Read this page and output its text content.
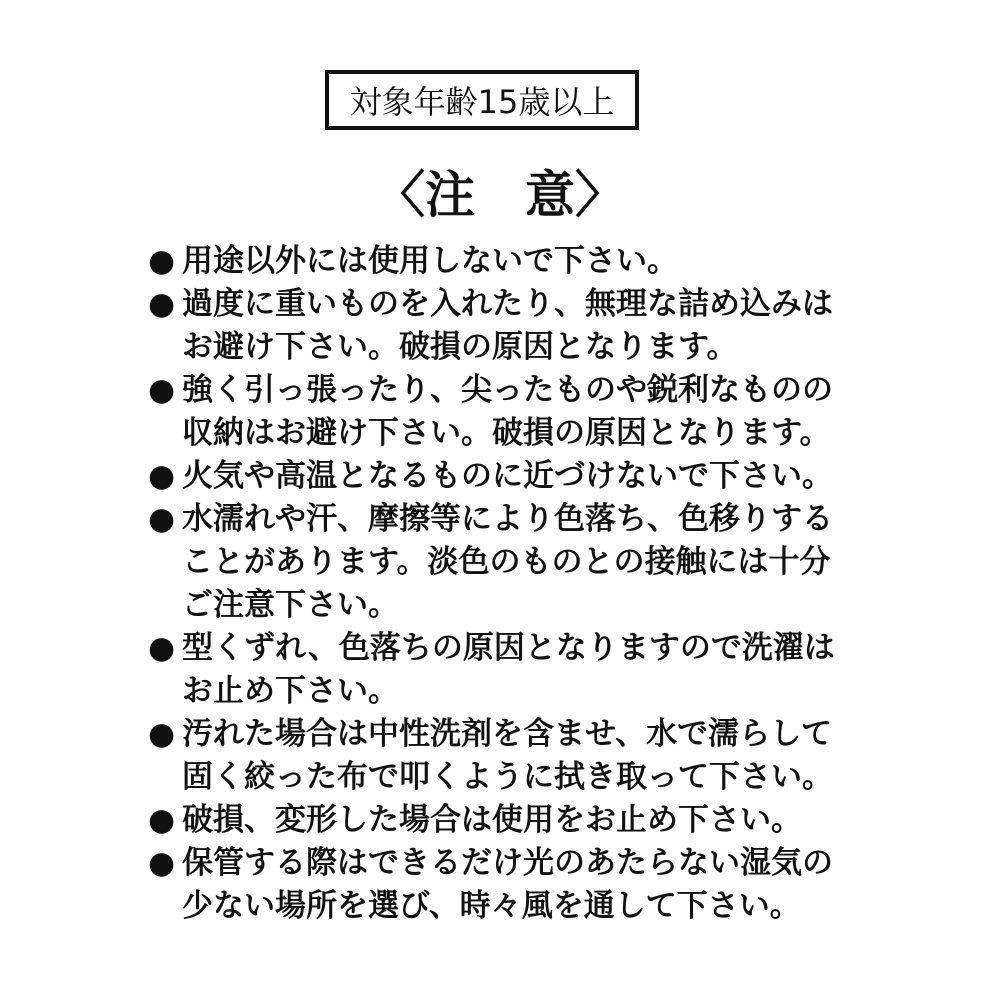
対象年齢15歳以上
〈注　意〉
● 用途以外には使用しないで下さい。
● 過度に重いものを入れたり、無理な詰め込みは
お避け下さい。破損の原因となります。
● 強く引っ張ったり、尖ったものや鋭利なものの
収納はお避け下さい。破損の原因となります。
● 火気や高温となるものに近づけないで下さい。
● 水濡れや汗、摩擦等により色落ち、色移りする
ことがあります。淡色のものとの接触には十分
ご注意下さい。
● 型くずれ、色落ちの原因となりますので洗濯は
お止め下さい。
● 汚れた場合は中性洗剤を含ませ、水で濡らして
固く絞った布で叩くように拭き取って下さい。
● 破損、変形した場合は使用をお止め下さい。
● 保管する際はできるだけ光のあたらない湿気の
少ない場所を選び、時々風を通して下さい。
